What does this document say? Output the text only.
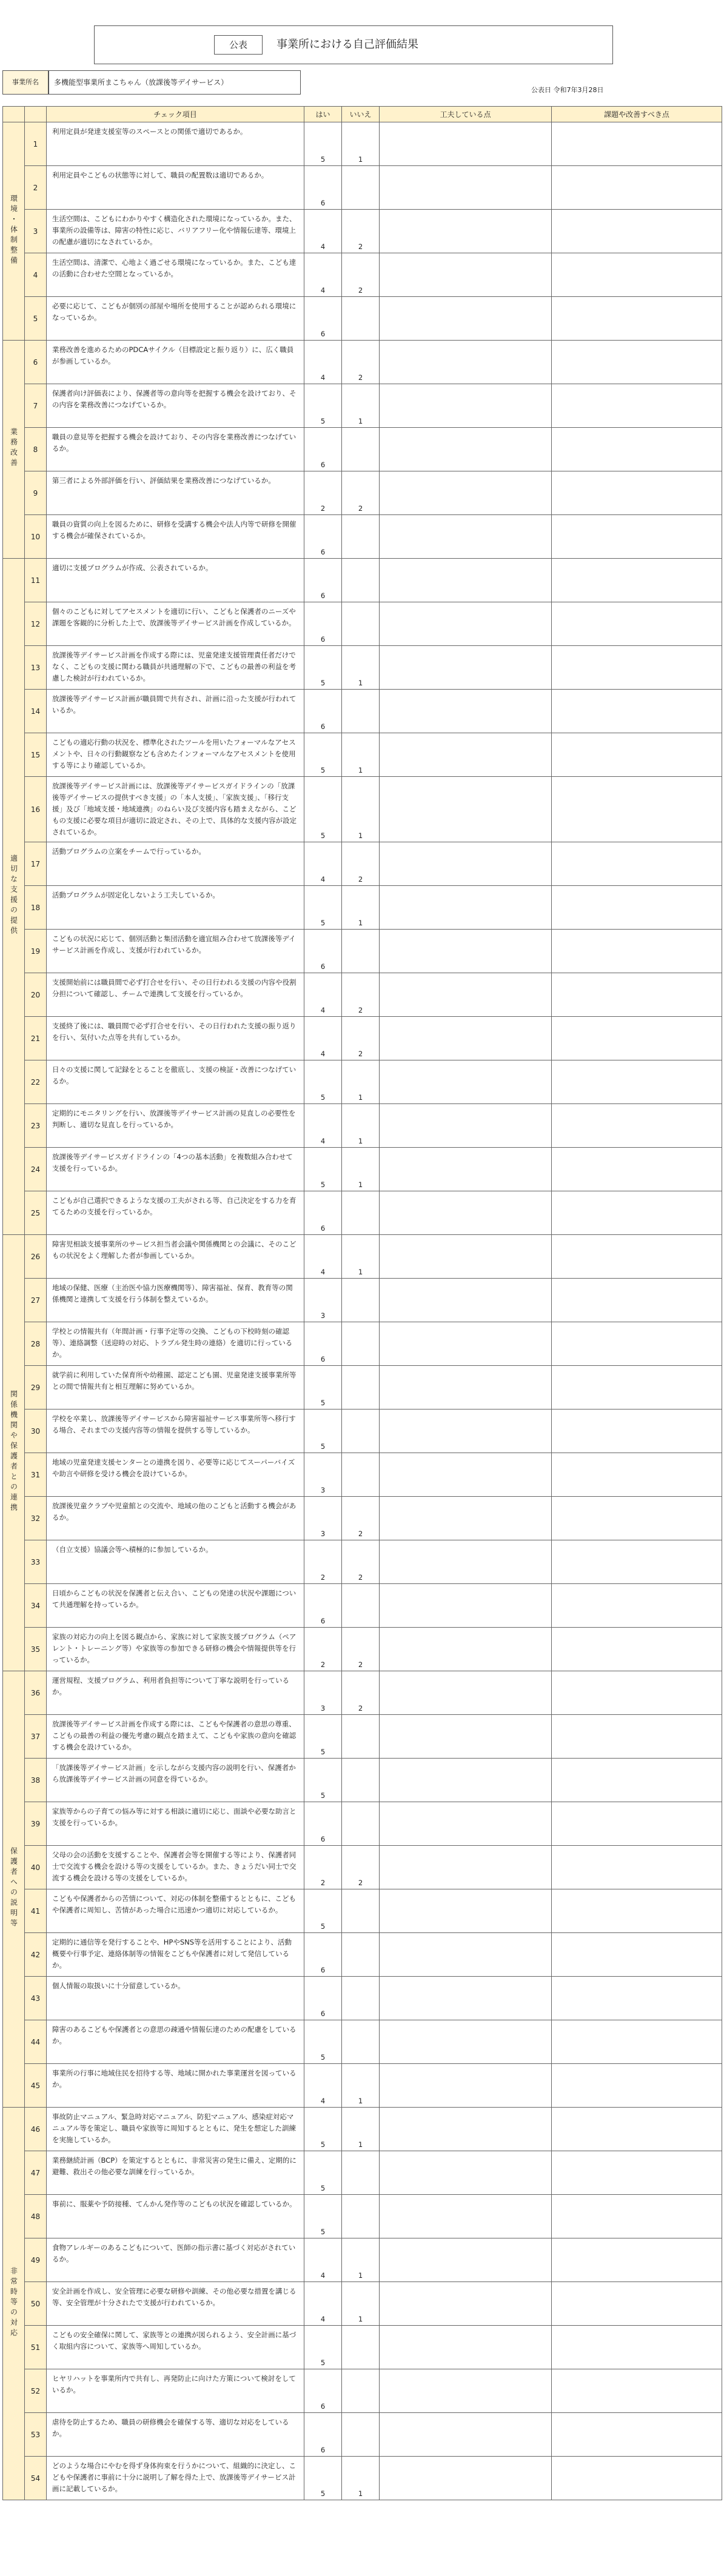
公表	事業所における自己評価結果
事業所名	多機能型事業所まこちゃん（放課後等デイサービス）
公表日 令和7年3月28日
		チェック項目	はい	いいえ	工夫している点	課題や改善すべき点
環境・体制整備	1	利用定員が発達支援室等のスペースとの関係で適切であるか。	5	1		
	2	利用定員やこどもの状態等に対して、職員の配置数は適切であるか。	6			
	3	生活空間は、こどもにわかりやすく構造化された環境になっているか。また、事業所の設備等は、障害の特性に応じ、バリアフリー化や情報伝達等、環境上の配慮が適切になされているか。	4	2		
	4	生活空間は、清潔で、心地よく過ごせる環境になっているか。また、こども達の活動に合わせた空間となっているか。	4	2		
	5	必要に応じて、こどもが個別の部屋や場所を使用することが認められる環境になっているか。	6			
業務改善	6	業務改善を進めるためのPDCAサイクル（目標設定と振り返り）に、広く職員が参画しているか。	4	2		
	7	保護者向け評価表により、保護者等の意向等を把握する機会を設けており、その内容を業務改善につなげているか。	5	1		
	8	職員の意見等を把握する機会を設けており、その内容を業務改善につなげているか。	6			
	9	第三者による外部評価を行い、評価結果を業務改善につなげているか。	2	2		
	10	職員の資質の向上を図るために、研修を受講する機会や法人内等で研修を開催する機会が確保されているか。	6			
適切な支援の提供	11	適切に支援プログラムが作成、公表されているか。	6			
	12	個々のこどもに対してアセスメントを適切に行い、こどもと保護者のニーズや課題を客観的に分析した上で、放課後等デイサービス計画を作成しているか。	6			
	13	放課後等デイサービス計画を作成する際には、児童発達支援管理責任者だけでなく、こどもの支援に関わる職員が共通理解の下で、こどもの最善の利益を考慮した検討が行われているか。	5	1		
	14	放課後等デイサービス計画が職員間で共有され、計画に沿った支援が行われているか。	6			
	15	こどもの適応行動の状況を、標準化されたツールを用いたフォーマルなアセスメントや、日々の行動観察なども含めたインフォーマルなアセスメントを使用する等により確認しているか。	5	1		
	16	放課後等デイサービス計画には、放課後等デイサービスガイドラインの「放課後等デイサービスの提供すべき支援」の「本人支援」、「家族支援」、「移行支援」及び「地域支援・地域連携」のねらい及び支援内容も踏まえながら、こどもの支援に必要な項目が適切に設定され、その上で、具体的な支援内容が設定されているか。	5	1		
	17	活動プログラムの立案をチームで行っているか。	4	2		
	18	活動プログラムが固定化しないよう工夫しているか。	5	1		
	19	こどもの状況に応じて、個別活動と集団活動を適宜組み合わせて放課後等デイサービス計画を作成し、支援が行われているか。	6			
	20	支援開始前には職員間で必ず打合せを行い、その日行われる支援の内容や役割分担について確認し、チームで連携して支援を行っているか。	4	2		
	21	支援終了後には、職員間で必ず打合せを行い、その日行われた支援の振り返りを行い、気付いた点等を共有しているか。	4	2		
	22	日々の支援に関して記録をとることを徹底し、支援の検証・改善につなげているか。	5	1		
	23	定期的にモニタリングを行い、放課後等デイサービス計画の見直しの必要性を判断し、適切な見直しを行っているか。	4	1		
	24	放課後等デイサービスガイドラインの「4つの基本活動」を複数組み合わせて支援を行っているか。	5	1		
	25	こどもが自己選択できるような支援の工夫がされる等、自己決定をする力を育てるための支援を行っているか。	6			
関係機関や保護者との連携	26	障害児相談支援事業所のサービス担当者会議や関係機関との会議に、そのこどもの状況をよく理解した者が参画しているか。	4	1		
	27	地域の保健、医療（主治医や協力医療機関等）、障害福祉、保育、教育等の関係機関と連携して支援を行う体制を整えているか。	3			
	28	学校との情報共有（年間計画・行事予定等の交換、こどもの下校時刻の確認等）、連絡調整（送迎時の対応、トラブル発生時の連絡）を適切に行っているか。	6			
	29	就学前に利用していた保育所や幼稚園、認定こども園、児童発達支援事業所等との間で情報共有と相互理解に努めているか。	5			
	30	学校を卒業し、放課後等デイサービスから障害福祉サービス事業所等へ移行する場合、それまでの支援内容等の情報を提供する等しているか。	5			
	31	地域の児童発達支援センターとの連携を図り、必要等に応じてスーパーバイズや助言や研修を受ける機会を設けているか。	3			
	32	放課後児童クラブや児童館との交流や、地域の他のこどもと活動する機会があるか。	3	2		
	33	（自立支援）協議会等へ積極的に参加しているか。	2	2		
	34	日頃からこどもの状況を保護者と伝え合い、こどもの発達の状況や課題について共通理解を持っているか。	6			
	35	家族の対応力の向上を図る観点から、家族に対して家族支援プログラム（ペアレント・トレーニング等）や家族等の参加できる研修の機会や情報提供等を行っているか。	2	2		
保護者への説明等	36	運営規程、支援プログラム、利用者負担等について丁寧な説明を行っているか。	3	2		
	37	放課後等デイサービス計画を作成する際には、こどもや保護者の意思の尊重、こどもの最善の利益の優先考慮の観点を踏まえて、こどもや家族の意向を確認する機会を設けているか。	5			
	38	「放課後等デイサービス計画」を示しながら支援内容の説明を行い、保護者から放課後等デイサービス計画の同意を得ているか。	5			
	39	家族等からの子育ての悩み等に対する相談に適切に応じ、面談や必要な助言と支援を行っているか。	6			
	40	父母の会の活動を支援することや、保護者会等を開催する等により、保護者同士で交流する機会を設ける等の支援をしているか。また、きょうだい同士で交流する機会を設ける等の支援をしているか。	2	2		
	41	こどもや保護者からの苦情について、対応の体制を整備するとともに、こどもや保護者に周知し、苦情があった場合に迅速かつ適切に対応しているか。	5			
	42	定期的に通信等を発行することや、HPやSNS等を活用することにより、活動概要や行事予定、連絡体制等の情報をこどもや保護者に対して発信しているか。	6			
	43	個人情報の取扱いに十分留意しているか。	6			
	44	障害のあるこどもや保護者との意思の疎通や情報伝達のための配慮をしているか。	5			
	45	事業所の行事に地域住民を招待する等、地域に開かれた事業運営を図っているか。	4	1		
非常時等の対応	46	事故防止マニュアル、緊急時対応マニュアル、防犯マニュアル、感染症対応マニュアル等を策定し、職員や家族等に周知するとともに、発生を想定した訓練を実施しているか。	5	1		
	47	業務継続計画（BCP）を策定するとともに、非常災害の発生に備え、定期的に避難、救出その他必要な訓練を行っているか。	5			
	48	事前に、服薬や予防接種、てんかん発作等のこどもの状況を確認しているか。	5			
	49	食物アレルギーのあるこどもについて、医師の指示書に基づく対応がされているか。	4	1		
	50	安全計画を作成し、安全管理に必要な研修や訓練、その他必要な措置を講じる等、安全管理が十分されたで支援が行われているか。	4	1		
	51	こどもの安全確保に関して、家族等との連携が図られるよう、安全計画に基づく取組内容について、家族等へ周知しているか。	5			
	52	ヒヤリハットを事業所内で共有し、再発防止に向けた方策について検討をしているか。	6			
	53	虐待を防止するため、職員の研修機会を確保する等、適切な対応をしているか。	6			
	54	どのような場合にやむを得ず身体拘束を行うかについて、組織的に決定し、こどもや保護者に事前に十分に説明し了解を得た上で、放課後等デイサービス計画に記載しているか。	5	1		
